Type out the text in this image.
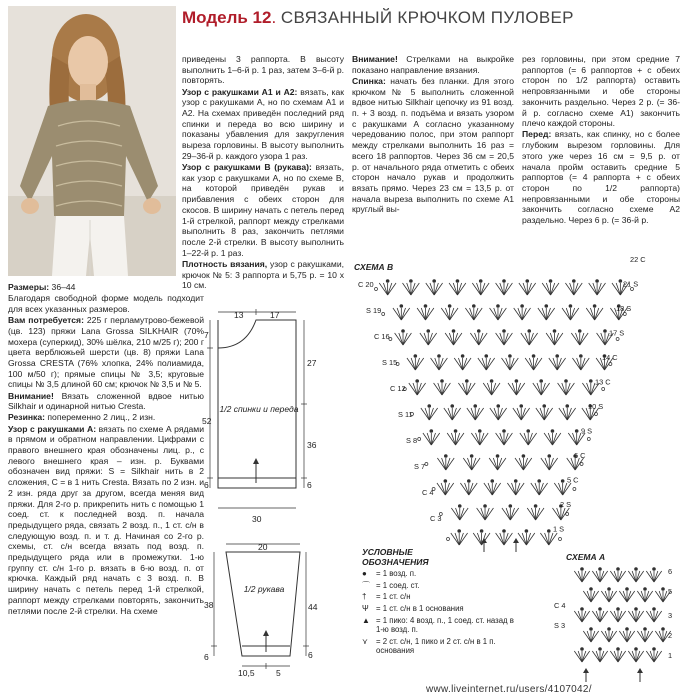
Модель 12. СВЯЗАННЫЙ КРЮЧКОМ ПУЛОВЕР

Размеры: 36–44

Благодаря свободной форме модель подходит для всех указанных размеров.

Вам потребуется: 225 г перламутрово-бежевой (цв. 123) пряжи Lana Grossa SILKHAIR (70% мохера (суперкид), 30% шёлка, 210 м/25 г); 200 г цвета верблюжьей шерсти (цв. 8) пряжи Lana Grossa CRESTA (76% хлопка, 24% полиамида, 100 м/50 г); прямые спицы № 3,5; круговые спицы № 3,5 длиной 60 см; крючок № 3,5 и № 5.

Внимание! Вязать сложенной вдвое нитью Silkhair и одинарной нитью Cresta.

Резинка: попеременно 2 лиц., 2 изн.

Узор с ракушками А: вязать по схеме А рядами в прямом и обратном направлении. Цифрами с правого внешнего края обозначены лиц. р., с левого внешнего края – изн. р. Буквами обозначен вид пряжи: S = Silkhair нить в 2 сложения, С = в 1 нить Cresta. Вязать по 2 изн. и 2 изн. ряда друг за другом, всегда меняя вид пряжи. Для 2-го р. прикрепить нить с помощью 1 соед. ст. к последней возд. п. начала предыдущего ряда, связать 2 возд. п., 1 ст. с/н в следующую возд. п. и т. д. Начиная со 2-го р. схемы, ст. с/н всегда вязать под возд. п. предыдущего ряда или в промежутки. 1-ю группу ст. с/н 1-го р. вязать в 6-ю возд. п. от крючка. Каждый ряд начать с 3 возд. п. В ширину начать с петель перед 1-й стрелкой, раппорт между стрелками повторять, закончить петлями после 2-й стрелки. На схеме

приведены 3 раппорта. В высоту выполнить 1–6-й р. 1 раз, затем 3–6-й р. повторять.

Узор с ракушками А1 и А2: вязать, как узор с ракушками А, но по схемам А1 и А2. На схемах приведён последний ряд спинки и переда во всю ширину и показаны убавления для закругления выреза горловины. В высоту выполнить 29–36-й р. каждого узора 1 раз.

Узор с ракушками В (рукава): вязать, как узор с ракушками А, но по схеме В, на которой приведён рукав и прибавления с обеих сторон для скосов. В ширину начать с петель перед 1-й стрелкой, раппорт между стрелками выполнить 8 раз, закончить петлями после 2-й стрелки. В высоту выполнить 1–22-й р. 1 раз.

Плотность вязания, узор с ракушками, крючок № 5: 3 раппорта и 5,75 р. = 10 x 10 см.

Внимание! Стрелками на выкройке показано направление вязания.

Спинка: начать без планки. Для этого крючком № 5 выполнить сложенной вдвое нитью Silkhair цепочку из 91 возд. п. + 3 возд. п. подъёма и вязать узором с ракушками А согласно указанному чередованию полос, при этом раппорт между стрелками выполнить 16 раз = всего 18 раппортов. Через 36 см = 20,5 р. от начального ряда отметить с обеих сторон начало рукав и продолжить вязать прямо. Через 23 см = 13,5 р. от начала выреза выполнить по схеме А1 круглый вы-

рез горловины, при этом средние 7 раппортов (= 6 раппортов + с обеих сторон по 1/2 раппорта) оставить непровязанными и обе стороны закончить раздельно. Через 2 р. (= 36-й р. согласно схеме А1) закончить плечо каждой стороны.

Перед: вязать, как спинку, но с более глубоким вырезом горловины. Для этого уже через 16 см = 9,5 р. от начала пройм оставить средние 5 раппортов (= 4 раппорта + с обеих сторон по 1/2 раппорта) непровязанными и обе стороны закончить согласно схеме А2 раздельно. Через 6 р. (= 36-й р.

13	17
7
27
52
36
6	6
30
1/2 спинки и переда
20
38	44
6	6
10,5	5
1/2 рукава
СХЕМА В
22 C
21 S
18 S
17 S
14 C
13 C
10 S
9 S
6 C
5 C
2 S
1 S
C 20
S 19
C 16
S 15
C 12
S 11
S 8
S 7
C 4
C 3
СХЕМА А
6
5
3
2
1
C 4
S 3
УСЛОВНЫЕ ОБОЗНАЧЕНИЯ
●	= 1 возд. п.
⌒ = 1 соед. ст.
†	= 1 ст. с/н
Ψ = 1 ст. с/н в 1 основания
▲ = 1 пико: 4 возд. п., 1 соед. ст. назад в 1-ю возд. п.
⋎	= 2 ст. с/н, 1 пико и 2 ст. с/н в 1 п. основания
www.liveinternet.ru/users/4107042/
